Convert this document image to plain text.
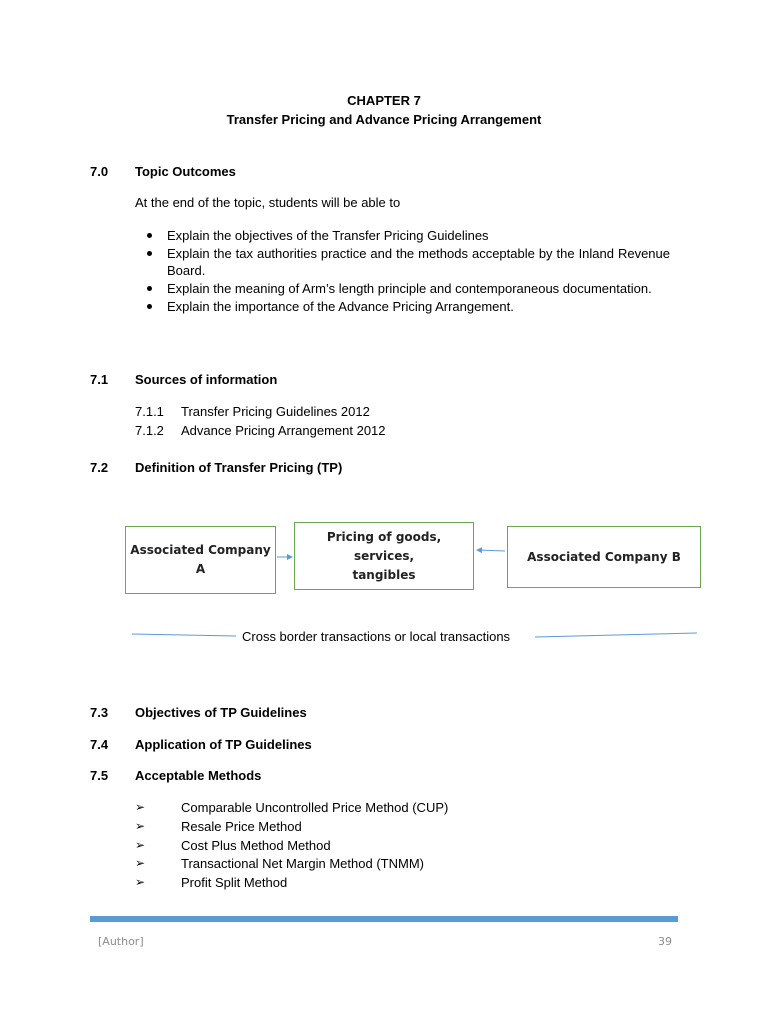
CHAPTER 7
Transfer Pricing and Advance Pricing Arrangement
7.0 Topic Outcomes
At the end of the topic, students will be able to
Explain the objectives of the Transfer Pricing Guidelines
Explain the tax authorities practice and the methods acceptable by the Inland Revenue Board.
Explain the meaning of Arm’s length principle and contemporaneous documentation.
Explain the importance of the Advance Pricing Arrangement.
7.1 Sources of information
7.1.1 Transfer Pricing Guidelines 2012
7.1.2 Advance Pricing Arrangement 2012
7.2 Definition of Transfer Pricing (TP)
Associated Company A
Pricing of goods, services,
tangibles
Associated Company B
Cross border transactions or local transactions
7.3 Objectives of TP Guidelines
7.4 Application of TP Guidelines
7.5 Acceptable Methods
➢	Comparable Uncontrolled Price Method (CUP)
➢	Resale Price Method
➢	Cost Plus Method Method
➢	Transactional Net Margin Method (TNMM)
➢	Profit Split Method
[Author]	39
